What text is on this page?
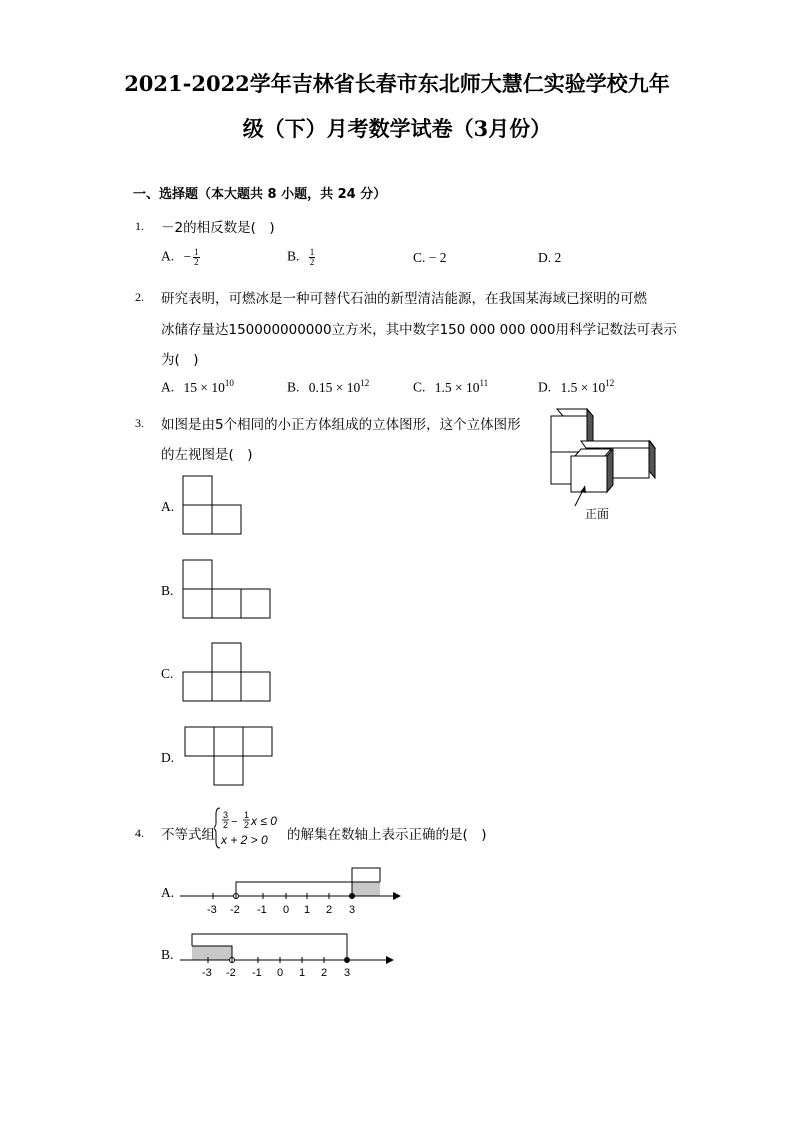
2021-2022学年吉林省长春市东北师大慧仁实验学校九年
级（下）月考数学试卷（3月份）
一、选择题（本大题共 8 小题，共 24 分）
1. －2的相反数是(　)
A. − $\frac{1}{2}$	B. $\frac{1}{2}$	C. − 2	D. 2
2. 研究表明，可燃冰是一种可替代石油的新型清洁能源，在我国某海域已探明的可燃
冰储存量达150000000000立方米，其中数字150 000 000 000用科学记数法可表示
为(　)
A. $15 \times 10^{10}$	B. $0.15 \times 10^{12}$	C. $1.5 \times 10^{11}$	D. $1.5 \times 10^{12}$
3. 如图是由5个相同的小正方体组成的立体图形，这个立体图形
的左视图是(　)
正面
A.
B.
C.
D.
4. 不等式组
3
2 −
1
2 x ≤ 0
x + 2 > 0 的解集在数轴上表示正确的是(　)
A.
-3 -2 -1 0 1 2 3
B.
-3 -2 -1 0 1 2 3
